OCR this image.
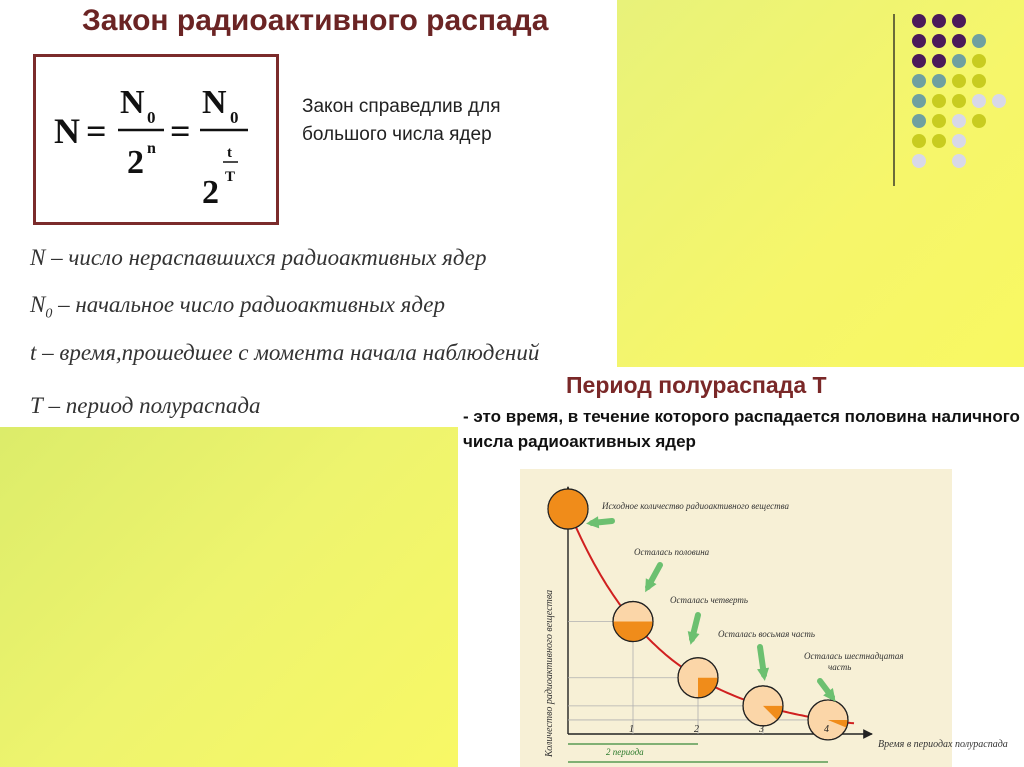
Закон радиоактивного распада
N =
N 0
2 n =
N 0
2
t
T
Закон справедлив для большого числа ядер
N – число нераспавшихся радиоактивных ядер
$N_0$ – начальное число радиоактивных ядер
t – время,прошедшее с момента начала наблюдений
T – период полураспада
Период полураспада Т
- это время, в течение которого распадается половина наличного числа радиоактивных ядер
Количество радиоактивного вещества	Время в периодах полураспада
Исходное количество радиоактивного вещества
Осталась половина
Осталась четверть
Осталась восьмая часть
Осталась шестнадцатая часть
1	2	3	4
2 периода
